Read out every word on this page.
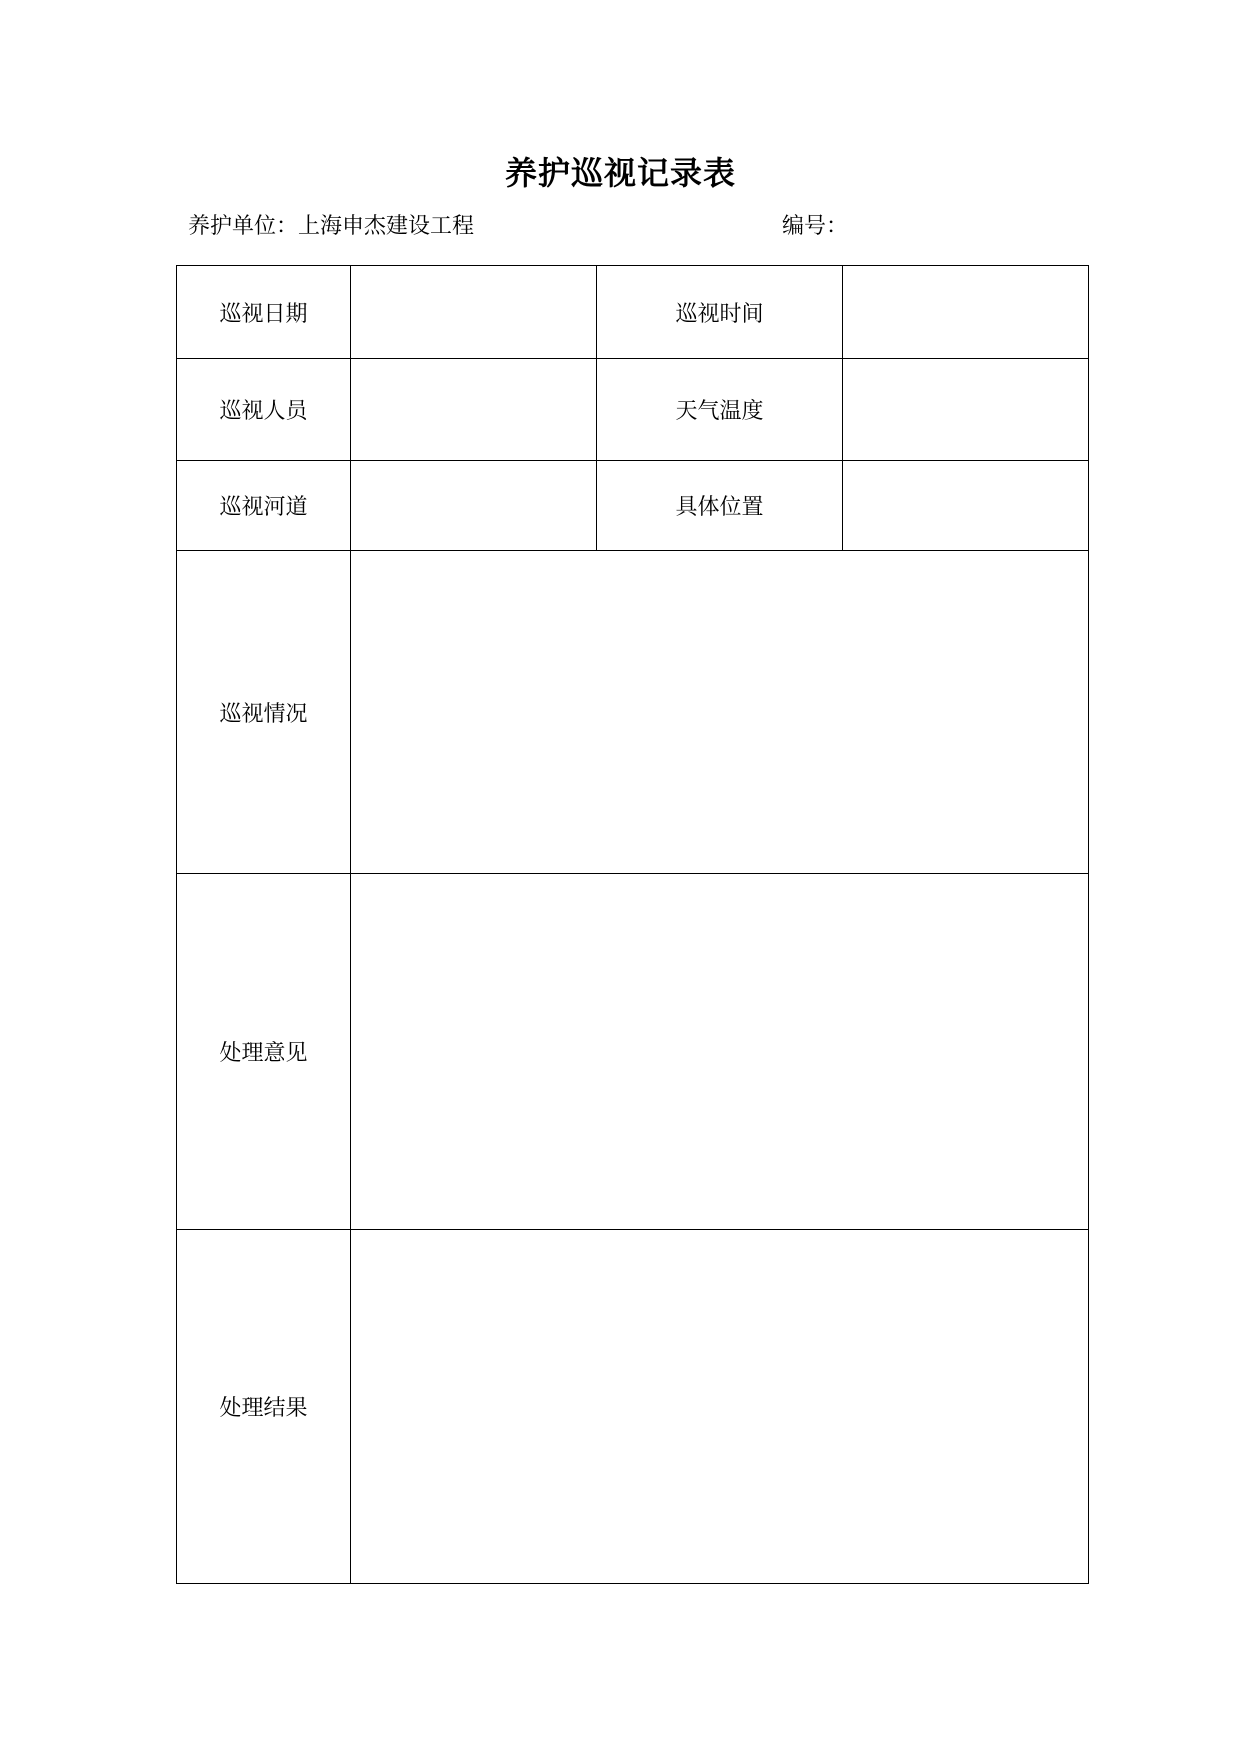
养护巡视记录表
养护单位：上海申杰建设工程	编号：
巡视日期		巡视时间	
巡视人员		天气温度	
巡视河道		具体位置	
巡视情况			
处理意见			
处理结果			
